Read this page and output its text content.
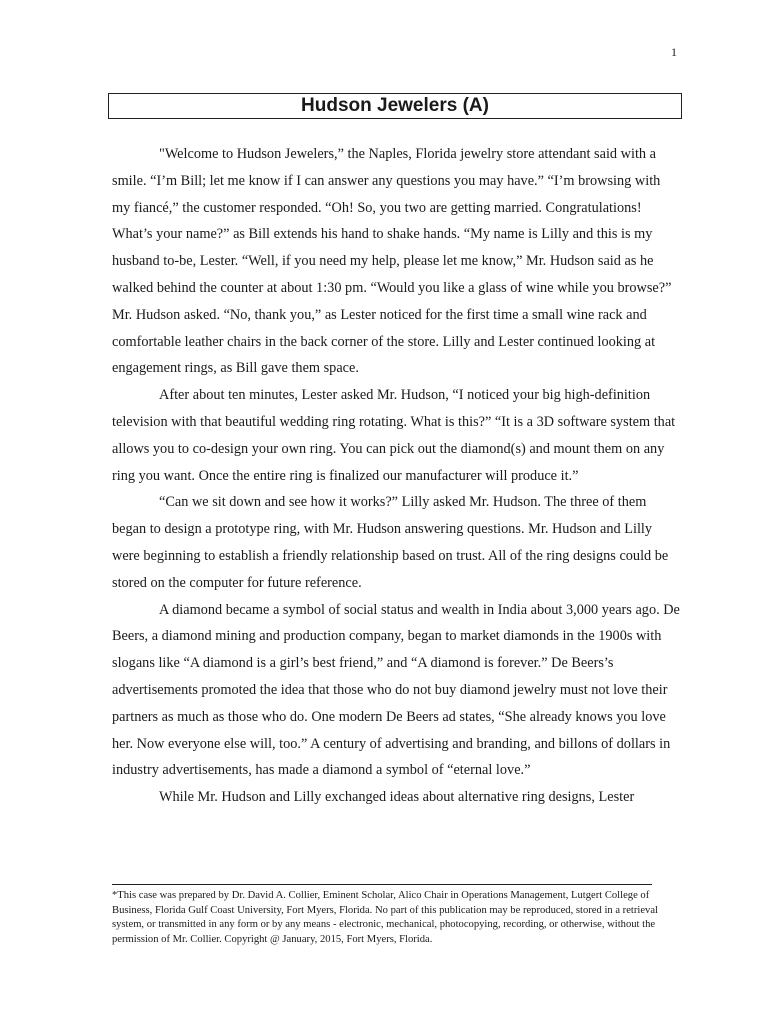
1
Hudson Jewelers (A)

"Welcome to Hudson Jewelers,” the Naples, Florida jewelry store attendant said with a smile. “I’m Bill; let me know if I can answer any questions you may have.” “I’m browsing with my fiancé,” the customer responded. “Oh! So, you two are getting married. Congratulations! What’s your name?” as Bill extends his hand to shake hands. “My name is Lilly and this is my husband to-be, Lester. “Well, if you need my help, please let me know,” Mr. Hudson said as he walked behind the counter at about 1:30 pm. “Would you like a glass of wine while you browse?” Mr. Hudson asked. “No, thank you,” as Lester noticed for the first time a small wine rack and comfortable leather chairs in the back corner of the store. Lilly and Lester continued looking at engagement rings, as Bill gave them space.

After about ten minutes, Lester asked Mr. Hudson, “I noticed your big high-definition television with that beautiful wedding ring rotating. What is this?” “It is a 3D software system that allows you to co-design your own ring. You can pick out the diamond(s) and mount them on any ring you want. Once the entire ring is finalized our manufacturer will produce it.”

“Can we sit down and see how it works?” Lilly asked Mr. Hudson. The three of them began to design a prototype ring, with Mr. Hudson answering questions. Mr. Hudson and Lilly were beginning to establish a friendly relationship based on trust. All of the ring designs could be stored on the computer for future reference.

A diamond became a symbol of social status and wealth in India about 3,000 years ago. De Beers, a diamond mining and production company, began to market diamonds in the 1900s with slogans like “A diamond is a girl’s best friend,” and “A diamond is forever.” De Beers’s advertisements promoted the idea that those who do not buy diamond jewelry must not love their partners as much as those who do. One modern De Beers ad states, “She already knows you love her. Now everyone else will, too.” A century of advertising and branding, and billons of dollars in industry advertisements, has made a diamond a symbol of “eternal love.”

While Mr. Hudson and Lilly exchanged ideas about alternative ring designs, Lester

*This case was prepared by Dr. David A. Collier, Eminent Scholar, Alico Chair in Operations Management, Lutgert College of Business, Florida Gulf Coast University, Fort Myers, Florida. No part of this publication may be reproduced, stored in a retrieval system, or transmitted in any form or by any means - electronic, mechanical, photocopying, recording, or otherwise, without the permission of Mr. Collier. Copyright @ January, 2015, Fort Myers, Florida.
